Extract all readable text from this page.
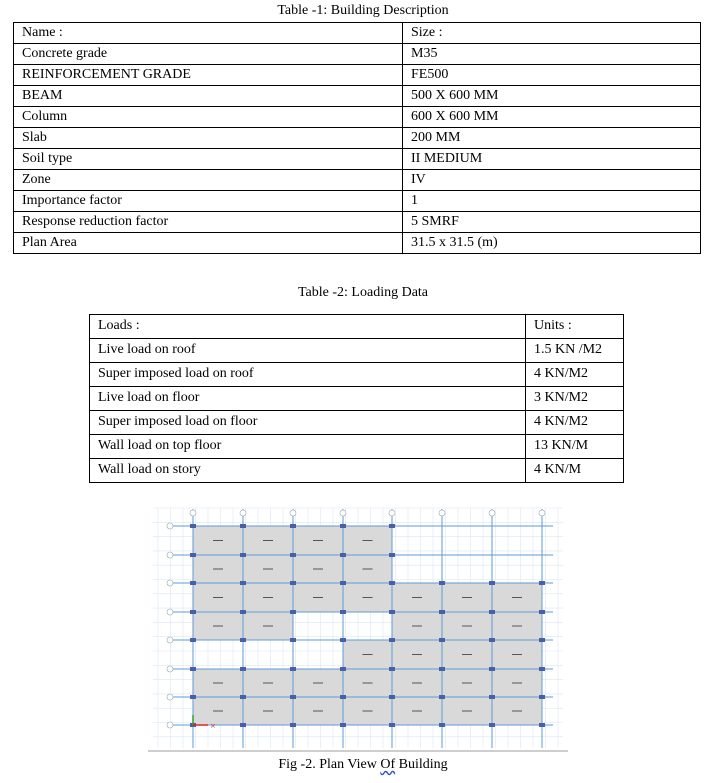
Table -1: Building Description
Name :	Size :
Concrete grade	M35
REINFORCEMENT GRADE	FE500
BEAM	500 X 600 MM
Column	600 X 600 MM
Slab	200 MM
Soil type	II MEDIUM
Zone	IV
Importance factor	1
Response reduction factor	5 SMRF
Plan Area	31.5 x 31.5 (m)
Table -2: Loading Data
Loads :	Units :
Live load on roof	1.5 KN /M2
Super imposed load on roof	4 KN/M2
Live load on floor	3 KN/M2
Super imposed load on floor	4 KN/M2
Wall load on top floor	13 KN/M
Wall load on story	4 KN/M
×
Fig -2. Plan View Of Building
